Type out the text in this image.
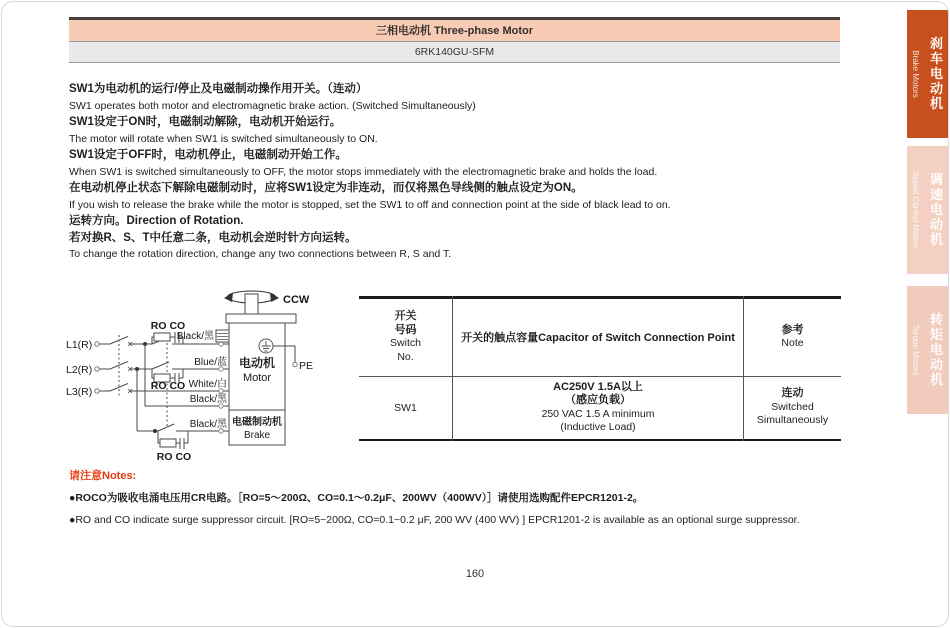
三相电动机 Three-phase Motor
6RK140GU-SFM
SW1为电动机的运行/停止及电磁制动操作用开关。（连动）
SW1 operates both motor and electromagnetic brake action. (Switched Simultaneously)
SW1设定于ON时，电磁制动解除，电动机开始运行。
The motor will rotate when SW1 is switched simultaneously to ON.
SW1设定于OFF时，电动机停止，电磁制动开始工作。
When SW1 is switched simultaneously to OFF, the motor stops immediately with the electromagnetic brake and holds the load.
在电动机停止状态下解除电磁制动时，应将SW1设定为非连动，而仅将黑色导线侧的触点设定为ON。
If you wish to release the brake while the motor is stopped, set the SW1 to off and connection point at the side of black lead to on.
运转方向。Direction of Rotation.
若对换R、S、T中任意二条，电动机会逆时针方向运转。
To change the rotation direction, change any two connections between R, S and T.
L1(R)
L2(R)
L3(R)
RO CO
RO CO
RO CO
Black/黑
Blue/蓝
White/白
Black/黑
Black/黑
CCW
PE
电动机
Motor
电磁制动机
Brake
开关
号码
Switch
No.
开关的触点容量Capacitor of Switch Connection Point
参考
Note
SW1
AC250V 1.5A以上
（感应负载）
250 VAC 1.5 A minimum
(Inductive Load)
连动
Switched
Simultaneously
请注意Notes:
●ROCO为吸收电涌电压用CR电路。［RO=5～200Ω、CO=0.1～0.2μF、200WV（400WV）］请使用选购配件EPCR1201-2。
●RO and CO indicate surge suppressor circuit. [RO=5~200Ω, CO=0.1~0.2 μF, 200 WV (400 WV) ] EPCR1201-2 is available as an optional surge suppressor.
160
刹车电动机
Brake Motors
调速电动机
Speed Control Motors
转矩电动机
Torque Motors
